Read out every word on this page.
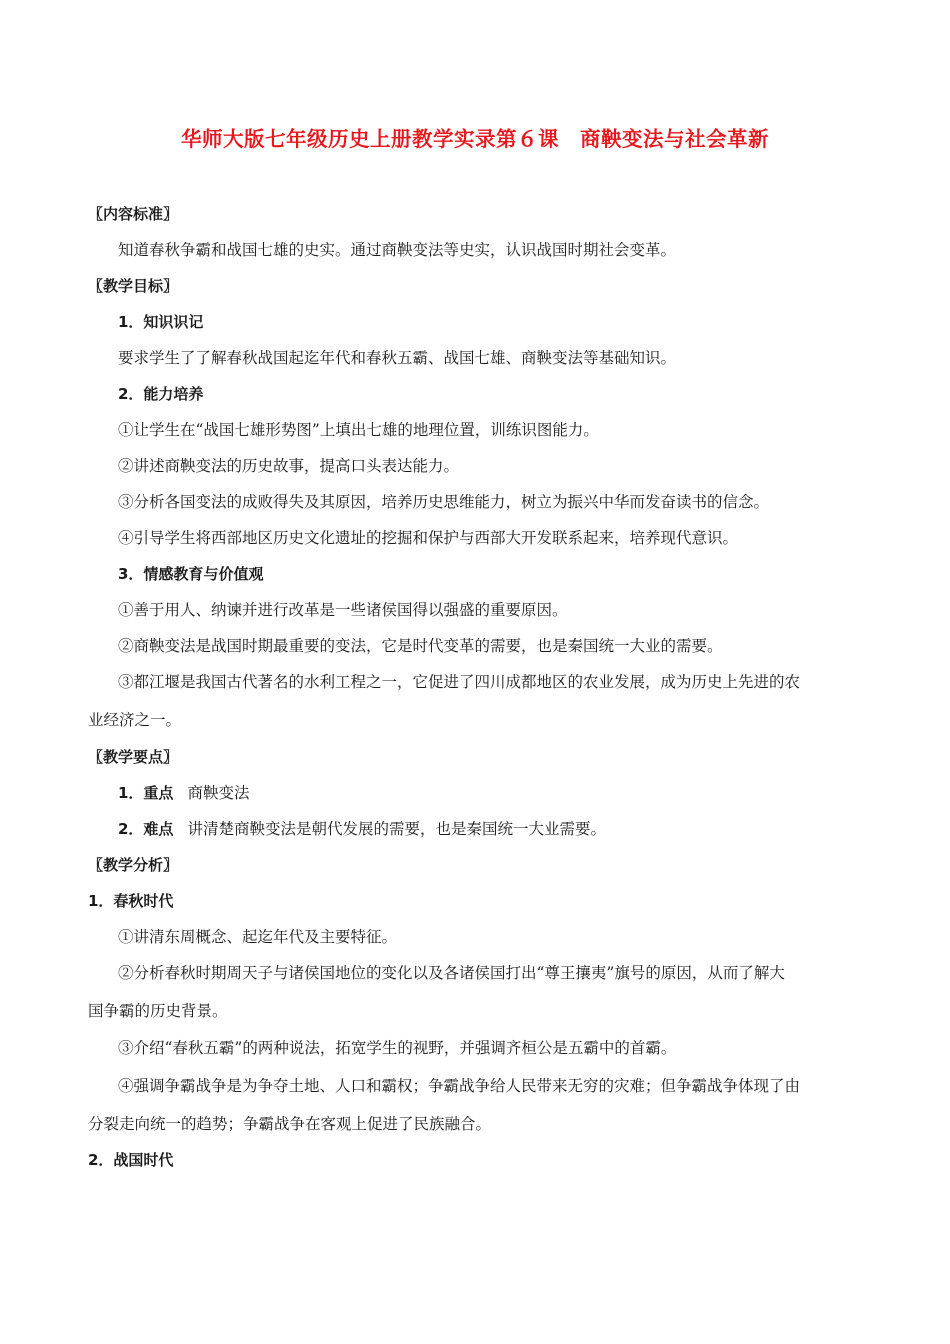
华师大版七年级历史上册教学实录第６课　商鞅变法与社会革新
〖内容标准〗
知道春秋争霸和战国七雄的史实。通过商鞅变法等史实，认识战国时期社会变革。
〖教学目标〗
1．知识识记
要求学生了了解春秋战国起迄年代和春秋五霸、战国七雄、商鞅变法等基础知识。
2．能力培养
①让学生在“战国七雄形势图”上填出七雄的地理位置，训练识图能力。
②讲述商鞅变法的历史故事，提高口头表达能力。
③分析各国变法的成败得失及其原因，培养历史思维能力，树立为振兴中华而发奋读书的信念。
④引导学生将西部地区历史文化遗址的挖掘和保护与西部大开发联系起来，培养现代意识。
3．情感教育与价值观
①善于用人、纳谏并进行改革是一些诸侯国得以强盛的重要原因。
②商鞅变法是战国时期最重要的变法，它是时代变革的需要，也是秦国统一大业的需要。
③都江堰是我国古代著名的水利工程之一，它促进了四川成都地区的农业发展，成为历史上先进的农
业经济之一。
〖教学要点〗
1．重点 商鞅变法
2．难点 讲清楚商鞅变法是朝代发展的需要，也是秦国统一大业需要。
〖教学分析〗
1．春秋时代
①讲清东周概念、起迄年代及主要特征。
②分析春秋时期周天子与诸侯国地位的变化以及各诸侯国打出“尊王攘夷”旗号的原因，从而了解大
国争霸的历史背景。
③介绍“春秋五霸”的两种说法，拓宽学生的视野，并强调齐桓公是五霸中的首霸。
④强调争霸战争是为争夺土地、人口和霸权；争霸战争给人民带来无穷的灾难；但争霸战争体现了由
分裂走向统一的趋势；争霸战争在客观上促进了民族融合。
2．战国时代
